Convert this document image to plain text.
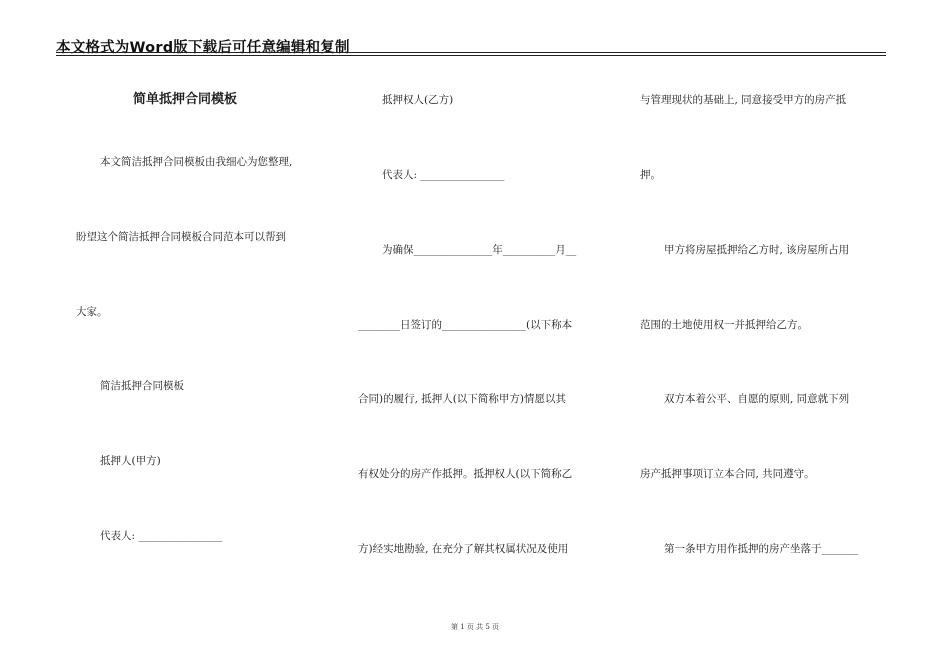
本文格式为Word版下载后可任意编辑和复制
简单抵押合同模板
本文简洁抵押合同模板由我细心为您整理,
盼望这个简洁抵押合同模板合同范本可以帮到
大家。
简洁抵押合同模板
抵押人(甲方)
代表人: ________________
抵押权人(乙方)
代表人: ________________
为确保_______________年__________月__
________日签订的________________(以下称本
合同)的履行, 抵押人(以下简称甲方)情愿以其
有权处分的房产作抵押。抵押权人(以下简称乙
方)经实地勘验, 在充分了解其权属状况及使用
与管理现状的基础上, 同意接受甲方的房产抵
押。
甲方将房屋抵押给乙方时, 该房屋所占用
范围的土地使用权一并抵押给乙方。
双方本着公平、自愿的原则, 同意就下列
房产抵押事项订立本合同, 共同遵守。
第一条甲方用作抵押的房产坐落于_______
第 1 页 共 5 页
